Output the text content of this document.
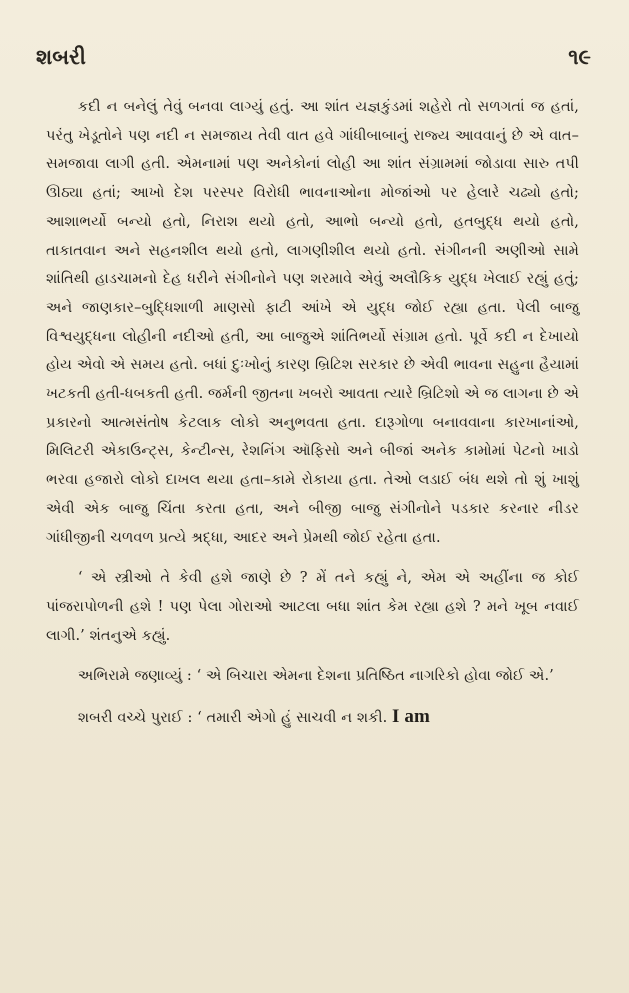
શબરી	૧૯

કદી ન બનેલું તેવું બનવા લાગ્યું હતું. આ શાંત યજ્ઞકુંડમાં શહેરો તો સળગતાં જ હતાં, પરંતુ ખેડૂતોને પણ નદી ન સમજાય તેવી વાત હવે ગાંધીબાબાનું રાજ્ય આવવાનું છે એ વાત–સમજાવા લાગી હતી. એમનામાં પણ અનેકોનાં લોહી આ શાંત સંગ્રામમાં જોડાવા સારુ તપી ઊઠ્યા હતાં; આખો દેશ પરસ્પર વિરોધી ભાવનાઓના મોજાંઓ પર હેલારે ચઢ્યો હતો; આશાભર્યો બન્યો હતો, નિરાશ થયો હતો, આભો બન્યો હતો, હતબુદ્ધ થયો હતો, તાકાતવાન અને સહનશીલ થયો હતો, લાગણીશીલ થયો હતો. સંગીનની અણીઓ સામે શાંતિથી હાડચામનો દેહ ધરીને સંગીનોને પણ શરમાવે એવું અલૌકિક યુદ્ધ ખેલાઈ રહ્યું હતું; અને જાણકાર–બુદ્ધિશાળી માણસો ફાટી આંખે એ યુદ્ધ જોઈ રહ્યા હતા. પેલી બાજુ વિશ્વયુદ્ધના લોહીની નદીઓ હતી, આ બાજુએ શાંતિભર્યો સંગ્રામ હતો. પૂર્વે કદી ન દેખાયો હોય એવો એ સમય હતો. બધાં દુઃખોનું કારણ બ્રિટિશ સરકાર છે એવી ભાવના સહુના હૈયામાં ખટકતી હતી-ધબકતી હતી. જર્મની જીતના ખબરો આવતા ત્યારે બ્રિટિશો એ જ લાગના છે એ પ્રકારનો આત્મસંતોષ કેટલાક લોકો અનુભવતા હતા. દારૂગોળા બનાવવાના કારખાનાંઓ, મિલિટરી એકાઉન્ટ્સ, કેન્ટીન્સ, રેશનિંગ ઑફિસો અને બીજાં અનેક કામોમાં પેટનો ખાડો ભરવા હજારો લોકો દાખલ થયા હતા–કામે રોકાયા હતા. તેઓ લડાઈ બંધ થશે તો શું ખાશું એવી એક બાજુ ચિંતા કરતા હતા, અને બીજી બાજુ સંગીનોને પડકાર કરનાર નીડર ગાંધીજીની ચળવળ પ્રત્યે શ્રદ્ધા, આદર અને પ્રેમથી જોઈ રહેતા હતા.

‘ એ સ્ત્રીઓ તે કેવી હશે જાણે છે ? મેં તને કહ્યું ને, એમ એ અહીંના જ કોઈ પાંજરાપોળની હશે ! પણ પેલા ગોરાઓ આટલા બધા શાંત કેમ રહ્યા હશે ? મને ખૂબ નવાઈ લાગી.’ શંતનુએ કહ્યું.

અભિરામે જણાવ્યું : ‘ એ બિચારા એમના દેશના પ્રતિષ્ઠિત નાગરિકો હોવા જોઈ એ.’

શબરી વચ્ચે પુરાઈ : ‘ તમારી એગો હું સાચવી ન શકી. I am
